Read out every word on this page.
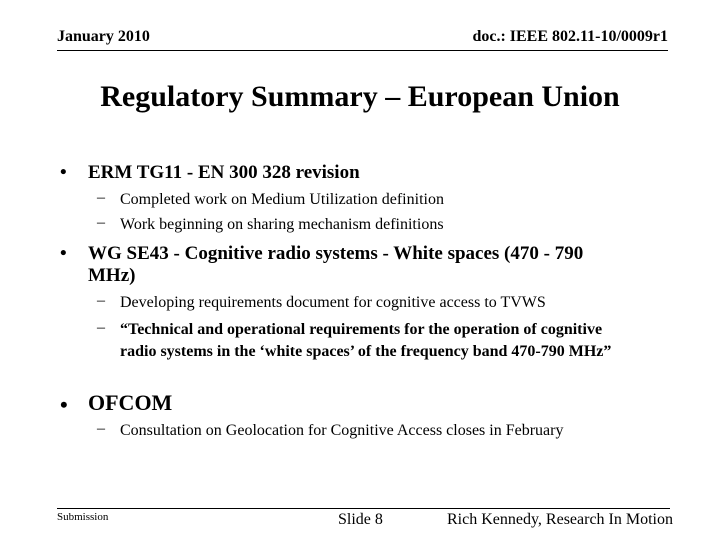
January 2010	doc.: IEEE 802.11-10/0009r1
Regulatory Summary – European Union
•	ERM TG11 - EN 300 328 revision
– Completed work on Medium Utilization definition
– Work beginning on sharing mechanism definitions
•	WG SE43 - Cognitive radio systems - White spaces (470 - 790 MHz)
– Developing requirements document for cognitive access to TVWS
– “Technical and operational requirements for the operation of cognitive radio systems in the ‘white spaces’ of the frequency band 470-790 MHz”
• OFCOM
– Consultation on Geolocation for Cognitive Access closes in February
Submission	Slide 8	Rich Kennedy, Research In Motion
